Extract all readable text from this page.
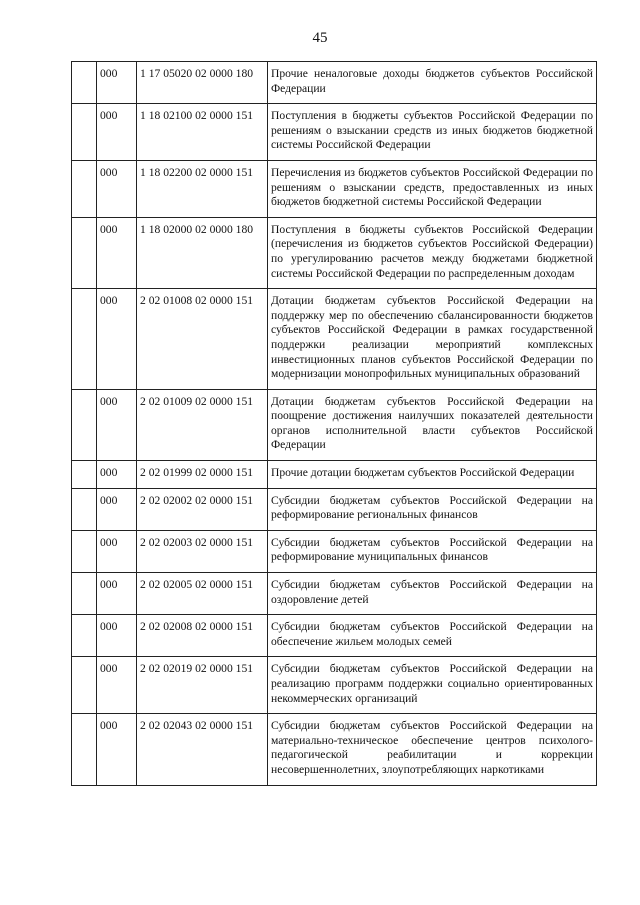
45
	000	1 17 05020 02 0000 180	Прочие неналоговые доходы бюджетов субъектов Российской Федерации
	000	1 18 02100 02 0000 151	Поступления в бюджеты субъектов Российской Федерации по решениям о взыскании средств из иных бюджетов бюджетной системы Российской Федерации
	000	1 18 02200 02 0000 151	Перечисления из бюджетов субъектов Российской Федерации по решениям о взыскании средств, предоставленных из иных бюджетов бюджетной системы Российской Федерации
	000	1 18 02000 02 0000 180	Поступления в бюджеты субъектов Российской Федерации (перечисления из бюджетов субъектов Российской Федерации) по урегулированию расчетов между бюджетами бюджетной системы Российской Федерации по распределенным доходам
	000	2 02 01008 02 0000 151	Дотации бюджетам субъектов Российской Федерации на поддержку мер по обеспечению сбалансированности бюджетов субъектов Российской Федерации в рамках государственной поддержки реализации мероприятий комплексных инвестиционных планов субъектов Российской Федерации по модернизации монопрофильных муниципальных образований
	000	2 02 01009 02 0000 151	Дотации бюджетам субъектов Российской Федерации на поощрение достижения наилучших показателей деятельности органов исполнительной власти субъектов Российской Федерации
	000	2 02 01999 02 0000 151	Прочие дотации бюджетам субъектов Российской Федерации
	000	2 02 02002 02 0000 151	Субсидии бюджетам субъектов Российской Федерации на реформирование региональных финансов
	000	2 02 02003 02 0000 151	Субсидии бюджетам субъектов Российской Федерации на реформирование муниципальных финансов
	000	2 02 02005 02 0000 151	Субсидии бюджетам субъектов Российской Федерации на оздоровление детей
	000	2 02 02008 02 0000 151	Субсидии бюджетам субъектов Российской Федерации на обеспечение жильем молодых семей
	000	2 02 02019 02 0000 151	Субсидии бюджетам субъектов Российской Федерации на реализацию программ поддержки социально ориентированных некоммерческих организаций
	000	2 02 02043 02 0000 151	Субсидии бюджетам субъектов Российской Федерации на материально-техническое обеспечение центров психолого-педагогической реабилитации и коррекции несовершеннолетних, злоупотребляющих наркотиками
